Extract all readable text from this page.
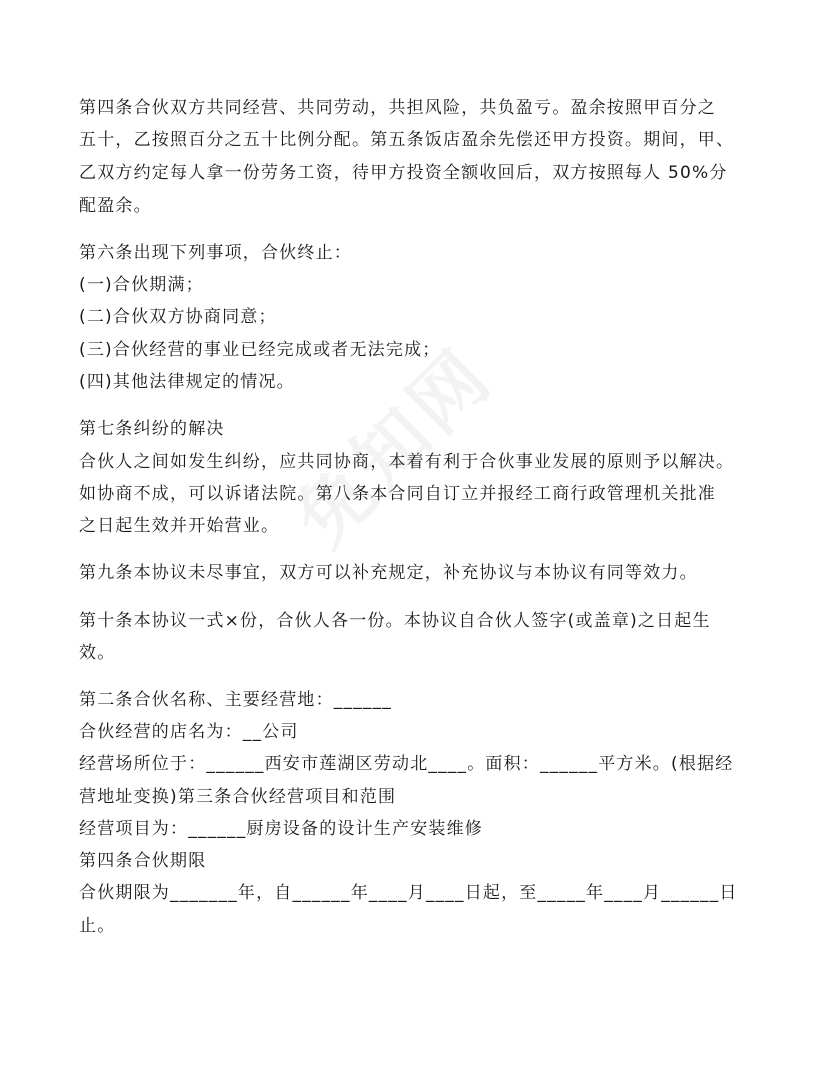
第四条合伙双方共同经营、共同劳动，共担风险，共负盈亏。盈余按照甲百分之
五十，乙按照百分之五十比例分配。第五条饭店盈余先偿还甲方投资。期间，甲、
乙双方约定每人拿一份劳务工资，待甲方投资全额收回后，双方按照每人 50%分
配盈余。
第六条出现下列事项，合伙终止：
(一)合伙期满；
(二)合伙双方协商同意；
(三)合伙经营的事业已经完成或者无法完成；
(四)其他法律规定的情况。
第七条纠纷的解决
合伙人之间如发生纠纷，应共同协商，本着有利于合伙事业发展的原则予以解决。
如协商不成，可以诉诸法院。第八条本合同自订立并报经工商行政管理机关批准
之日起生效并开始营业。
第九条本协议未尽事宜，双方可以补充规定，补充协议与本协议有同等效力。
第十条本协议一式×份，合伙人各一份。本协议自合伙人签字(或盖章)之日起生
效。
第二条合伙名称、主要经营地：______
合伙经营的店名为：__公司
经营场所位于：______西安市莲湖区劳动北____。面积：______平方米。(根据经
营地址变换)第三条合伙经营项目和范围
经营项目为：______厨房设备的设计生产安装维修
第四条合伙期限
合伙期限为_______年，自______年____月____日起，至_____年____月______日
止。
